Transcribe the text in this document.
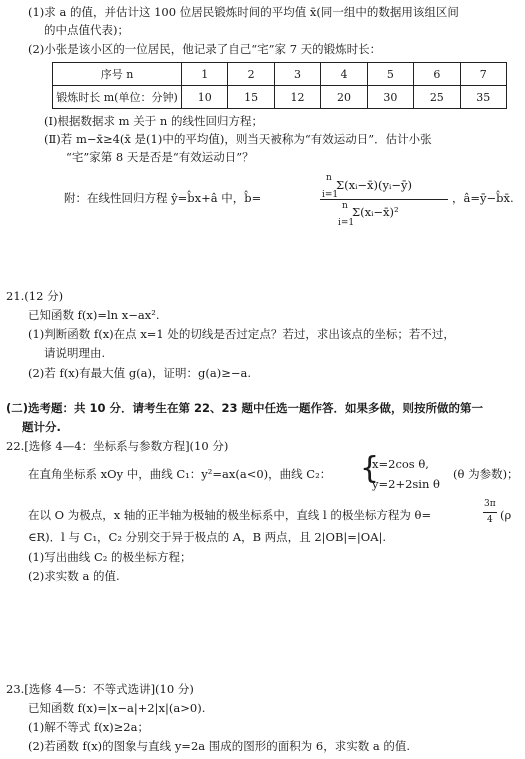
(1)求 a 的值，并估计这 100 位居民锻炼时间的平均值 x̄(同一组中的数据用该组区间
的中点值代表)；
(2)小张是该小区的一位居民，他记录了自己“宅”家 7 天的锻炼时长：
序号 n	1	2	3	4	5	6	7
锻炼时长 m(单位：分钟)	10	15	12	20	30	25	35
(Ⅰ)根据数据求 m 关于 n 的线性回归方程；
(Ⅱ)若 m−x̄≥4(x̄ 是(1)中的平均值)，则当天被称为“有效运动日”．估计小张
“宅”家第 8 天是否是“有效运动日”？
附：在线性回归方程 ŷ=b̂x+â 中，b̂=
n
i=1
Σ(xᵢ−x̄)(yᵢ−ȳ)
n
i=1
Σ(xᵢ−x̄)²
，â=ȳ−b̂x̄.
21.(12 分)
已知函数 f(x)=ln x−ax².
(1)判断函数 f(x)在点 x=1 处的切线是否过定点？若过，求出该点的坐标；若不过，
请说明理由.
(2)若 f(x)有最大值 g(a)，证明：g(a)≥−a.
(二)选考题：共 10 分．请考生在第 22、23 题中任选一题作答．如果多做，则按所做的第一
题计分.
22.[选修 4—4：坐标系与参数方程](10 分)
在直角坐标系 xOy 中，曲线 C₁：y²=ax(a<0)，曲线 C₂： {
x=2cos θ,
y=2+2sin θ
(θ 为参数)；
在以 O 为极点，x 轴的正半轴为极轴的极坐标系中，直线 l 的极坐标方程为 θ=
3π
4 (ρ
∈R)．l 与 C₁，C₂ 分别交于异于极点的 A，B 两点，且 2|OB|=|OA|.
(1)写出曲线 C₂ 的极坐标方程；
(2)求实数 a 的值.
23.[选修 4—5：不等式选讲](10 分)
已知函数 f(x)=|x−a|+2|x|(a>0).
(1)解不等式 f(x)≥2a；
(2)若函数 f(x)的图象与直线 y=2a 围成的图形的面积为 6，求实数 a 的值.
